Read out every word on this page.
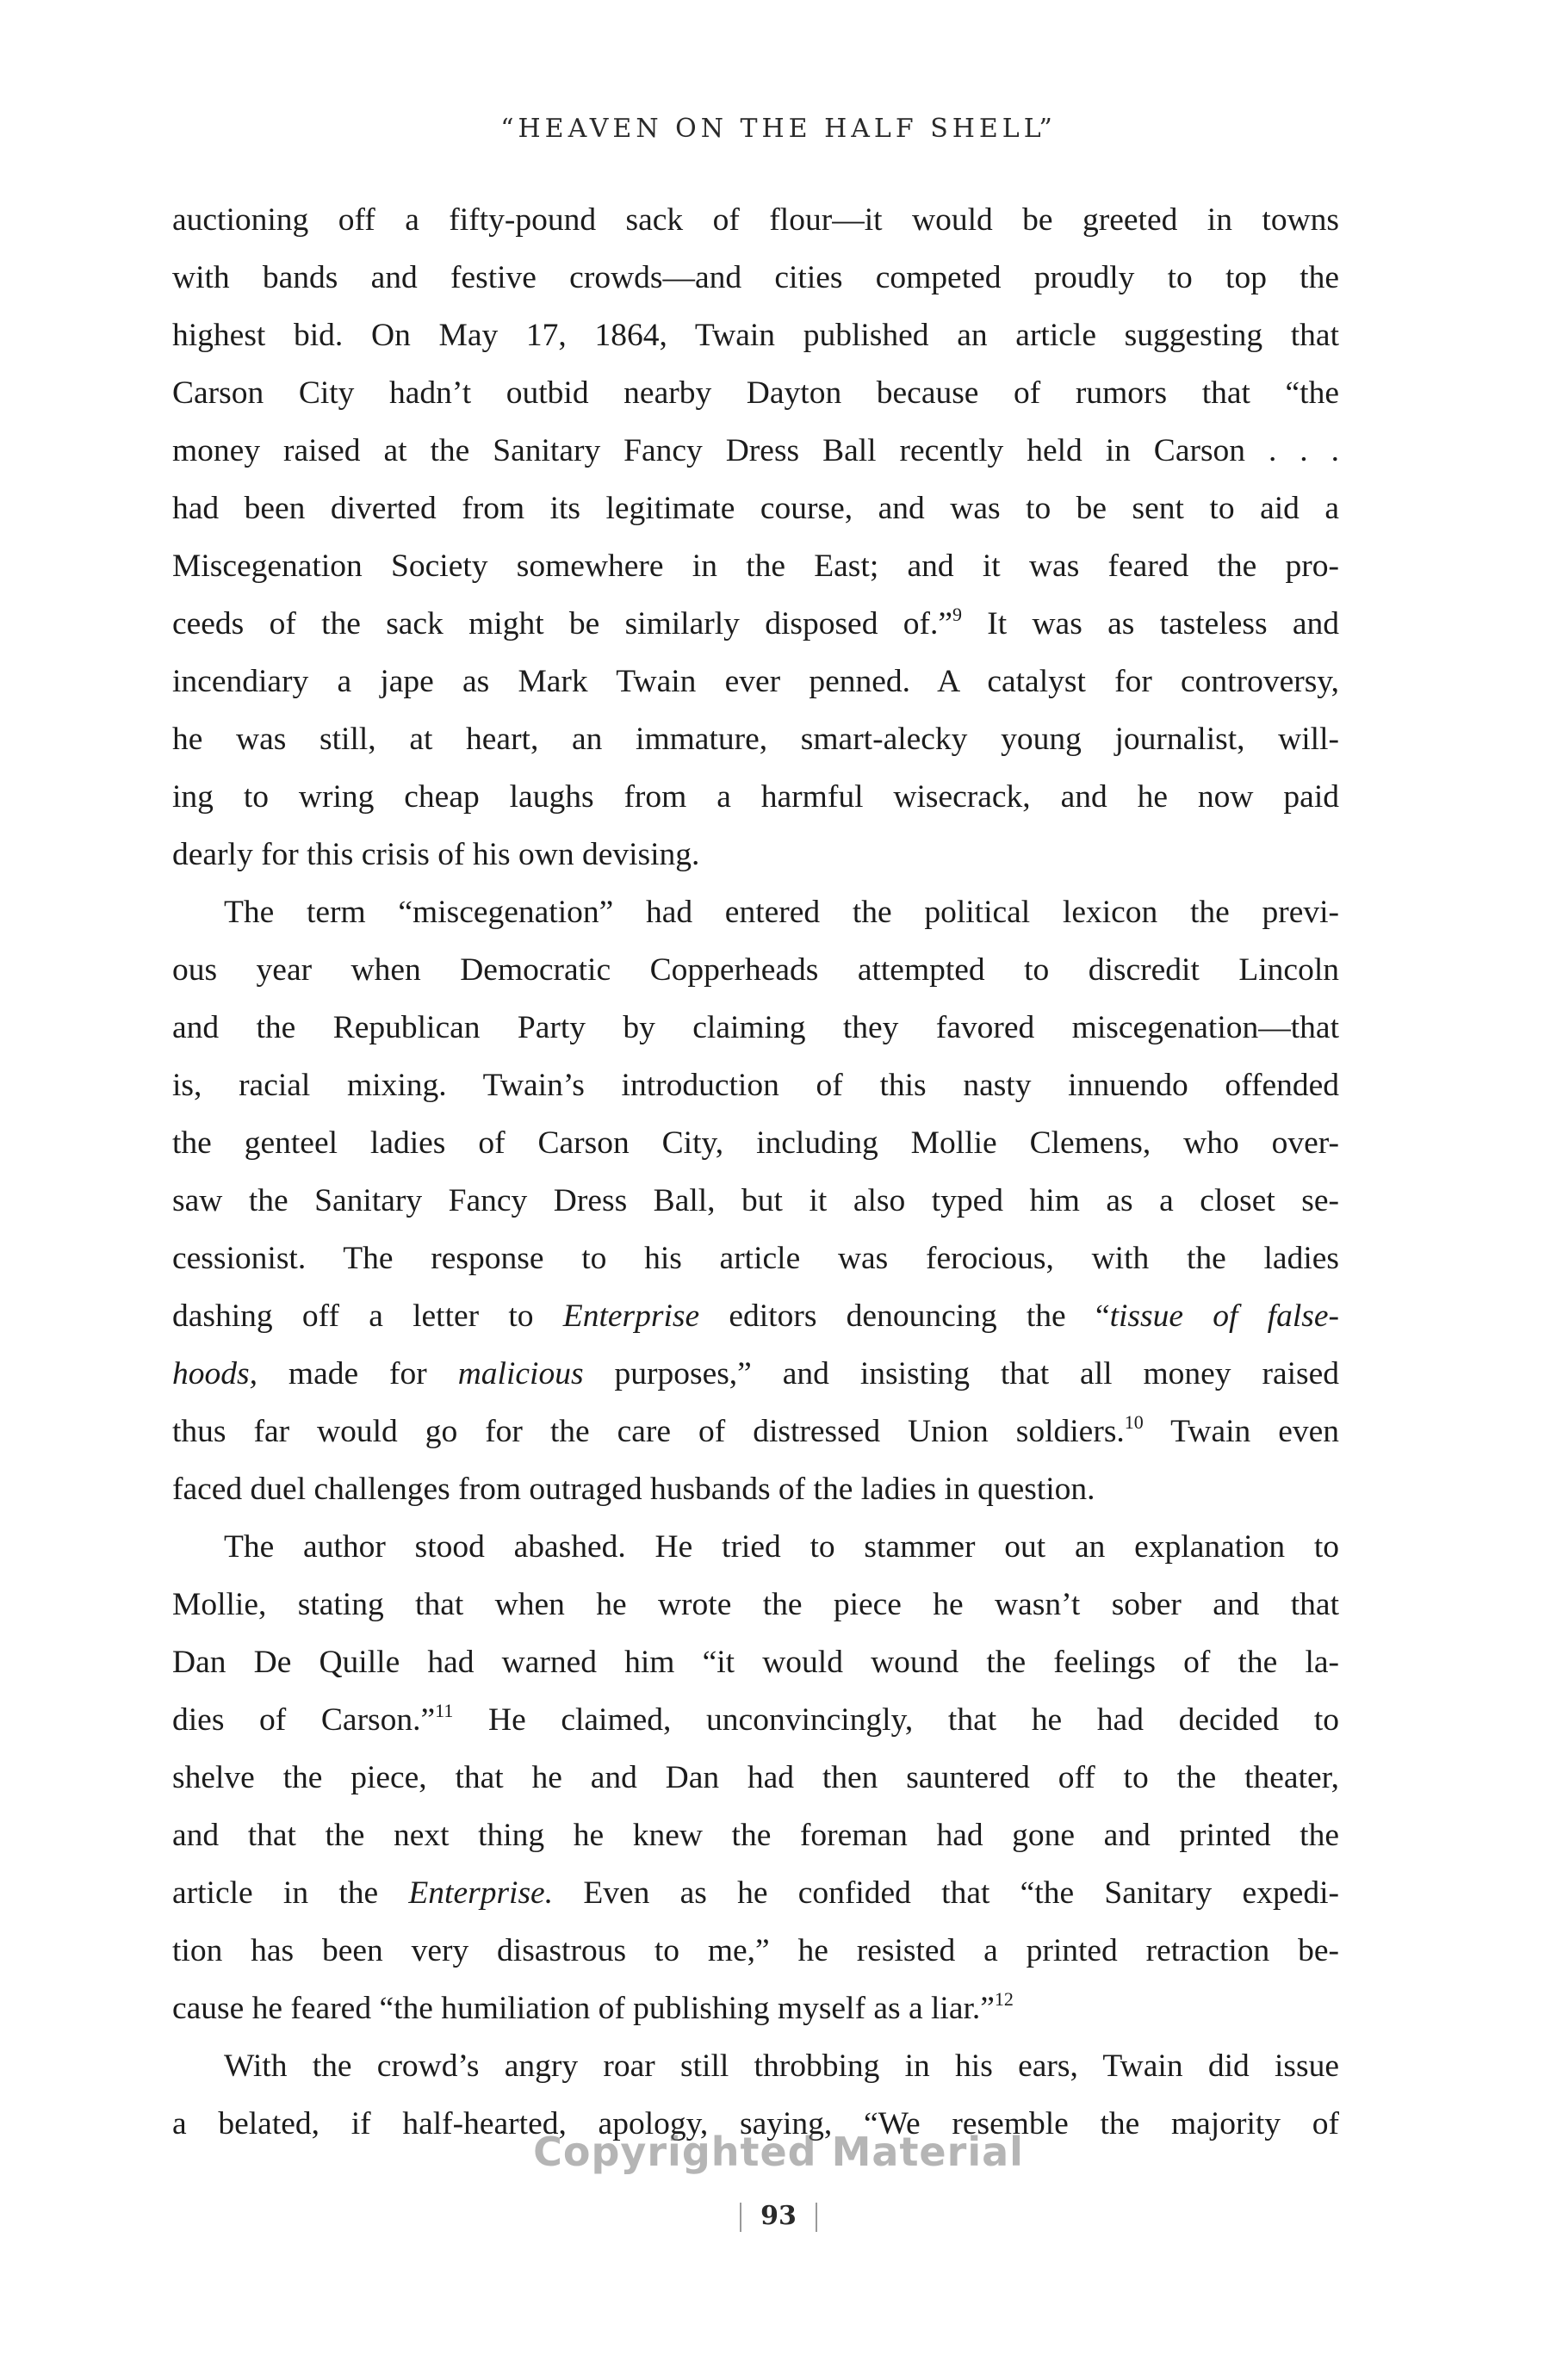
“HEAVEN ON THE HALF SHELL”
auctioning off a fifty-pound sack of flour—it would be greeted in towns
with bands and festive crowds—and cities competed proudly to top the
highest bid. On May 17, 1864, Twain published an article suggesting that
Carson City hadn’t outbid nearby Dayton because of rumors that “the
money raised at the Sanitary Fancy Dress Ball recently held in Carson . . .
had been diverted from its legitimate course, and was to be sent to aid a
Miscegenation Society somewhere in the East; and it was feared the pro-
ceeds of the sack might be similarly disposed of.”$^9$ It was as tasteless and
incendiary a jape as Mark Twain ever penned. A catalyst for controversy,
he was still, at heart, an immature, smart-alecky young journalist, will-
ing to wring cheap laughs from a harmful wisecrack, and he now paid
dearly for this crisis of his own devising.
The term “miscegenation” had entered the political lexicon the previ-
ous year when Democratic Copperheads attempted to discredit Lincoln
and the Republican Party by claiming they favored miscegenation—that
is, racial mixing. Twain’s introduction of this nasty innuendo offended
the genteel ladies of Carson City, including Mollie Clemens, who over-
saw the Sanitary Fancy Dress Ball, but it also typed him as a closet se-
cessionist. The response to his article was ferocious, with the ladies
dashing off a letter to Enterprise editors denouncing the “tissue of false-
hoods, made for malicious purposes,” and insisting that all money raised
thus far would go for the care of distressed Union soldiers.$^{10}$ Twain even
faced duel challenges from outraged husbands of the ladies in question.
The author stood abashed. He tried to stammer out an explanation to
Mollie, stating that when he wrote the piece he wasn’t sober and that
Dan De Quille had warned him “it would wound the feelings of the la-
dies of Carson.”$^{11}$ He claimed, unconvincingly, that he had decided to
shelve the piece, that he and Dan had then sauntered off to the theater,
and that the next thing he knew the foreman had gone and printed the
article in the Enterprise. Even as he confided that “the Sanitary expedi-
tion has been very disastrous to me,” he resisted a printed retraction be-
cause he feared “the humiliation of publishing myself as a liar.”$^{12}$
With the crowd’s angry roar still throbbing in his ears, Twain did issue
a belated, if half-hearted, apology, saying, “We resemble the majority of
Copyrighted Material
93
